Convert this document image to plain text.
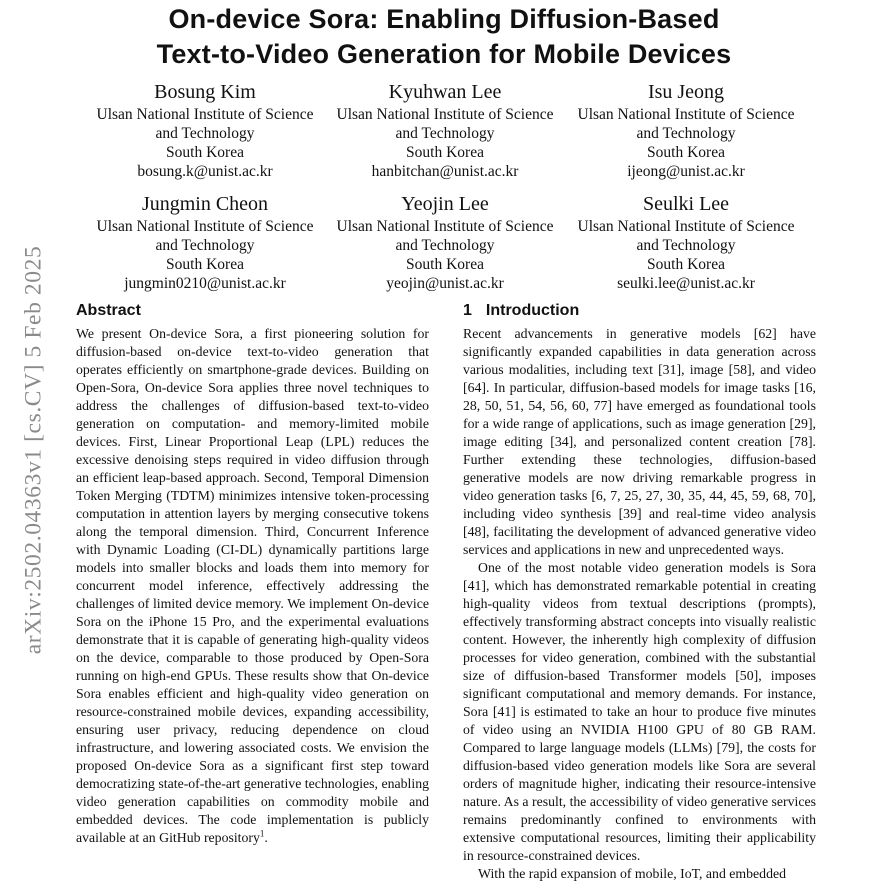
On-device Sora: Enabling Diffusion-Based
Text-to-Video Generation for Mobile Devices
Bosung Kim
Ulsan National Institute of Science
and Technology
South Korea
bosung.k@unist.ac.kr
Kyuhwan Lee
Ulsan National Institute of Science
and Technology
South Korea
hanbitchan@unist.ac.kr
Isu Jeong
Ulsan National Institute of Science
and Technology
South Korea
ijeong@unist.ac.kr
Jungmin Cheon
Ulsan National Institute of Science
and Technology
South Korea
jungmin0210@unist.ac.kr
Yeojin Lee
Ulsan National Institute of Science
and Technology
South Korea
yeojin@unist.ac.kr
Seulki Lee
Ulsan National Institute of Science
and Technology
South Korea
seulki.lee@unist.ac.kr
arXiv:2502.04363v1 [cs.CV] 5 Feb 2025 Abstract

We present On-device Sora, a first pioneering solution for diffusion-based on-device text-to-video generation that operates efficiently on smartphone-grade devices. Building on Open-Sora, On-device Sora applies three novel techniques to address the challenges of diffusion-based text-to-video generation on computation- and memory-limited mobile devices. First, Linear Proportional Leap (LPL) reduces the excessive denoising steps required in video diffusion through an efficient leap-based approach. Second, Temporal Dimension Token Merging (TDTM) minimizes intensive token-processing computation in attention layers by merging consecutive tokens along the temporal dimension. Third, Concurrent Inference with Dynamic Loading (CI-DL) dynamically partitions large models into smaller blocks and loads them into memory for concurrent model inference, effectively addressing the challenges of limited device memory. We implement On-device Sora on the iPhone 15 Pro, and the experimental evaluations demonstrate that it is capable of generating high-quality videos on the device, comparable to those produced by Open-Sora running on high-end GPUs. These results show that On-device Sora enables efficient and high-quality video generation on resource-constrained mobile devices, expanding accessibility, ensuring user privacy, reducing dependence on cloud infrastructure, and lowering associated costs. We envision the proposed On-device Sora as a significant first step toward democratizing state-of-the-art generative technologies, enabling video generation capabilities on commodity mobile and embedded devices. The code implementation is publicly available at an GitHub repository$^1$.

1 Introduction

Recent advancements in generative models [62] have significantly expanded capabilities in data generation across various modalities, including text [31], image [58], and video [64]. In particular, diffusion-based models for image tasks [16, 28, 50, 51, 54, 56, 60, 77] have emerged as foundational tools for a wide range of applications, such as image generation [29], image editing [34], and personalized content creation [78]. Further extending these technologies, diffusion-based generative models are now driving remarkable progress in video generation tasks [6, 7, 25, 27, 30, 35, 44, 45, 59, 68, 70], including video synthesis [39] and real-time video analysis [48], facilitating the development of advanced generative video services and applications in new and unprecedented ways.

One of the most notable video generation models is Sora [41], which has demonstrated remarkable potential in creating high-quality videos from textual descriptions (prompts), effectively transforming abstract concepts into visually realistic content. However, the inherently high complexity of diffusion processes for video generation, combined with the substantial size of diffusion-based Transformer models [50], imposes significant computational and memory demands. For instance, Sora [41] is estimated to take an hour to produce five minutes of video using an NVIDIA H100 GPU of 80 GB RAM. Compared to large language models (LLMs) [79], the costs for diffusion-based video generation models like Sora are several orders of magnitude higher, indicating their resource-intensive nature. As a result, the accessibility of video generative services remains predominantly confined to environments with extensive computational resources, limiting their applicability in resource-constrained devices.

With the rapid expansion of mobile, IoT, and embedded
